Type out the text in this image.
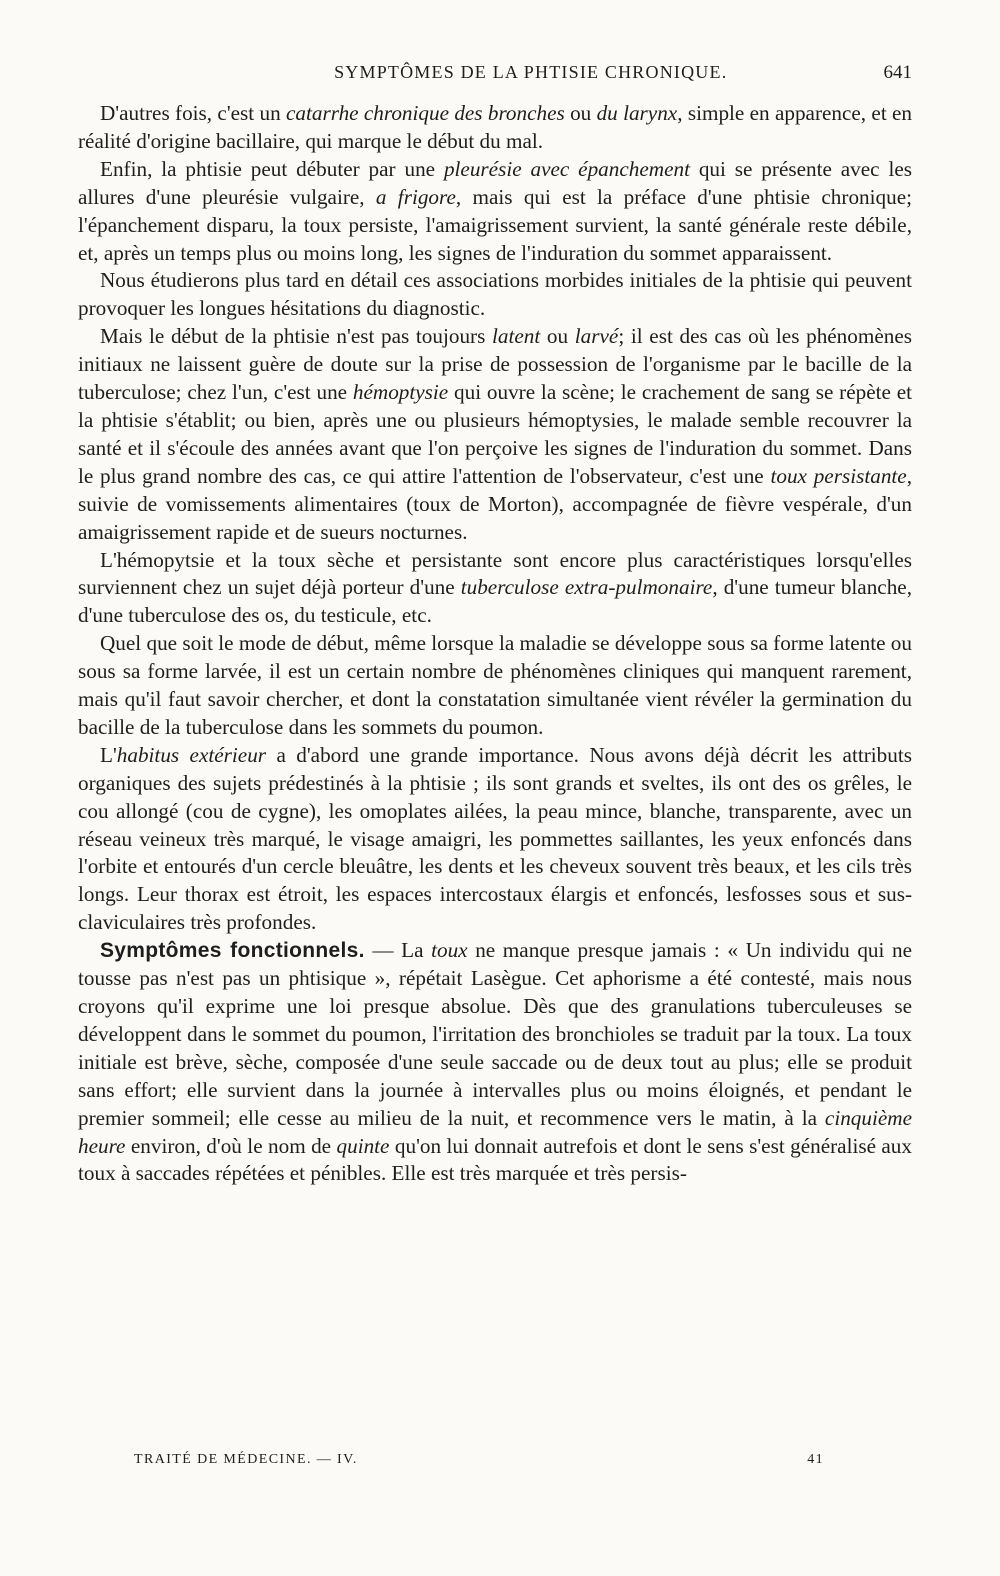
SYMPTÔMES DE LA PHTISIE CHRONIQUE.	641

D'autres fois, c'est un catarrhe chronique des bronches ou du larynx, simple en apparence, et en réalité d'origine bacillaire, qui marque le début du mal.

Enfin, la phtisie peut débuter par une pleurésie avec épanchement qui se présente avec les allures d'une pleurésie vulgaire, a frigore, mais qui est la préface d'une phtisie chronique; l'épanchement disparu, la toux persiste, l'amaigrissement survient, la santé générale reste débile, et, après un temps plus ou moins long, les signes de l'induration du sommet apparaissent.

Nous étudierons plus tard en détail ces associations morbides initiales de la phtisie qui peuvent provoquer les longues hésitations du diagnostic.

Mais le début de la phtisie n'est pas toujours latent ou larvé; il est des cas où les phénomènes initiaux ne laissent guère de doute sur la prise de possession de l'organisme par le bacille de la tuberculose; chez l'un, c'est une hémoptysie qui ouvre la scène; le crachement de sang se répète et la phtisie s'établit; ou bien, après une ou plusieurs hémoptysies, le malade semble recouvrer la santé et il s'écoule des années avant que l'on perçoive les signes de l'induration du sommet. Dans le plus grand nombre des cas, ce qui attire l'attention de l'observateur, c'est une toux persistante, suivie de vomissements alimentaires (toux de Morton), accompagnée de fièvre vespérale, d'un amaigrissement rapide et de sueurs nocturnes.

L'hémopytsie et la toux sèche et persistante sont encore plus caractéristiques lorsqu'elles surviennent chez un sujet déjà porteur d'une tuberculose extra-pulmonaire, d'une tumeur blanche, d'une tuberculose des os, du testicule, etc.

Quel que soit le mode de début, même lorsque la maladie se développe sous sa forme latente ou sous sa forme larvée, il est un certain nombre de phénomènes cliniques qui manquent rarement, mais qu'il faut savoir chercher, et dont la constatation simultanée vient révéler la germination du bacille de la tuberculose dans les sommets du poumon.

L'habitus extérieur a d'abord une grande importance. Nous avons déjà décrit les attributs organiques des sujets prédestinés à la phtisie ; ils sont grands et sveltes, ils ont des os grêles, le cou allongé (cou de cygne), les omoplates ailées, la peau mince, blanche, transparente, avec un réseau veineux très marqué, le visage amaigri, les pommettes saillantes, les yeux enfoncés dans l'orbite et entourés d'un cercle bleuâtre, les dents et les cheveux souvent très beaux, et les cils très longs. Leur thorax est étroit, les espaces intercostaux élargis et enfoncés, lesfosses sous et sus-claviculaires très profondes.

Symptômes fonctionnels. — La toux ne manque presque jamais : « Un individu qui ne tousse pas n'est pas un phtisique », répétait Lasègue. Cet aphorisme a été contesté, mais nous croyons qu'il exprime une loi presque absolue. Dès que des granulations tuberculeuses se développent dans le sommet du poumon, l'irritation des bronchioles se traduit par la toux. La toux initiale est brève, sèche, composée d'une seule saccade ou de deux tout au plus; elle se produit sans effort; elle survient dans la journée à intervalles plus ou moins éloignés, et pendant le premier sommeil; elle cesse au milieu de la nuit, et recommence vers le matin, à la cinquième heure environ, d'où le nom de quinte qu'on lui donnait autrefois et dont le sens s'est généralisé aux toux à saccades répétées et pénibles. Elle est très marquée et très persis-

TRAITÉ DE MÉDECINE. — IV.	41
